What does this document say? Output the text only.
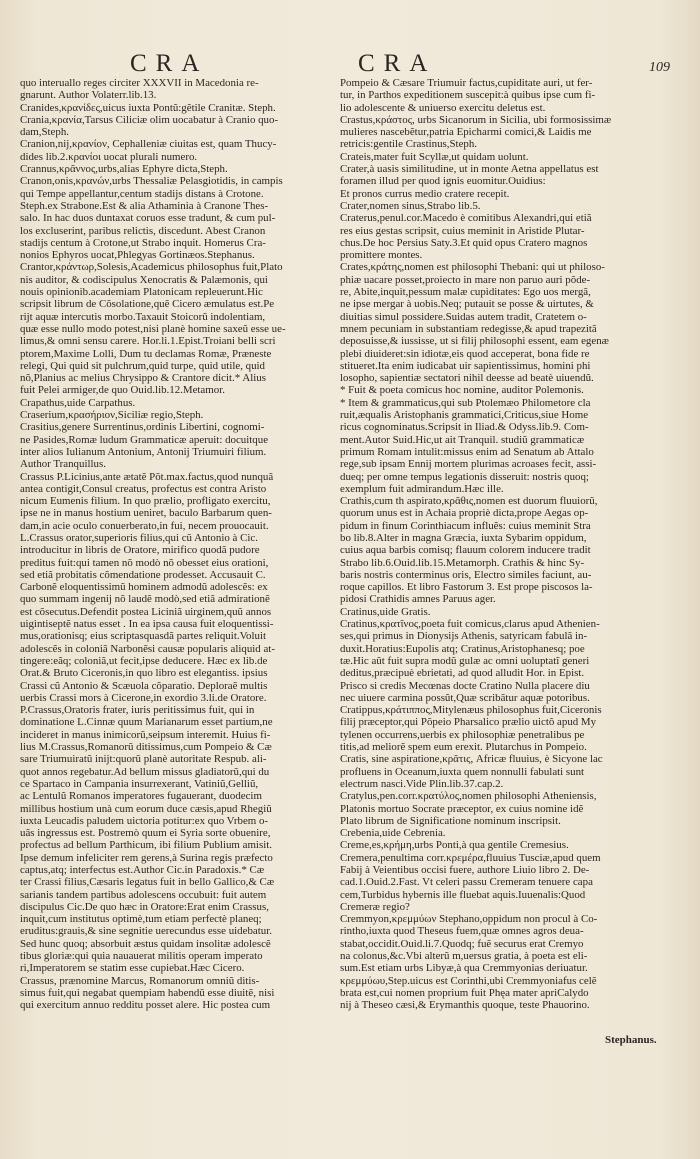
CRA	CRA	109
quo interuallo reges circiter XXXVII in Macedonia re-
gnarunt. Author Volaterr.lib.13.
Cranides,κρανίδες,uicus iuxta Pontũ:gẽtile Cranitæ. Steph.
Crania,κρανία,Tarsus Ciliciæ olim uocabatur à Cranio quo-
dam,Steph.
Cranion,nij,κρανίον, Cephalleniæ ciuitas est, quam Thucy-
dides lib.2.κρανίοι uocat plurali numero.
Crannus,κρᾶννος,urbs,alias Ephyre dicta,Steph.
Cranon,onis,κρανών,urbs Thessaliæ Pelasgiotidis, in campis
qui Tempe appellantur,centum stadijs distans à Crotone.
Steph.ex Strabone.Est & alia Athaminia à Cranone Thes-
salo. In hac duos duntaxat coruos esse tradunt, & cum pul-
los excluserint, paribus relictis, discedunt. Abest Cranon
stadijs centum à Crotone,ut Strabo inquit. Homerus Cra-
nonios Ephyros uocat,Phlegyas Gortinæos.Stephanus.
Crantor,κράντωρ,Solesis,Academicus philosophus fuit,Plato
nis auditor, & codiscipulus Xenocratis & Palæmonis, qui
nouis opinionib.academiam Platonicam repleuerunt.Hic
scripsit librum de Cõsolatione,quẽ Cicero æmulatus est.Pe
rijt aquæ intercutis morbo.Taxauit Stoicorũ indolentiam,
quæ esse nullo modo potest,nisi planè homine saxeũ esse ue-
limus,& omni sensu carere. Hor.li.1.Epist.Troiani belli scri
ptorem,Maxime Lolli, Dum tu declamas Romæ, Præneste
relegi, Qui quid sit pulchrum,quid turpe, quid utile, quid
nõ,Planius ac melius Chrysippo & Crantore dicit.* Alius
fuit Pelei armiger,de quo Ouid.lib.12.Metamor.
Crapathus,uide Carpathus.
Craserium,κρασήριον,Siciliæ regio,Steph.
Crasitius,genere Surrentinus,ordinis Libertini, cognomi-
ne Pasides,Romæ ludum Grammaticæ aperuit: docuitque
inter alios Iulianum Antonium, Antonij Triumuiri filium.
Author Tranquillus.
Crassus P.Licinius,ante ætatẽ Põt.max.factus,quod nunquã
antea contigit,Consul creatus, profectus est contra Aristo
nicum Eumenis filium. In quo prælio, profligato exercitu,
ipse ne in manus hostium ueniret, baculo Barbarum quen-
dam,in acie oculo conuerberato,in fui, necem prouocauit.
L.Crassus orator,superioris filius,qui cũ Antonio à Cic.
introducitur in libris de Oratore, mirifico quodã pudore
preditus fuit:qui tamen nõ modò nõ obesset eius orationi,
sed etiã probitatis cõmendatione prodesset. Accusauit C.
Carbonẽ eloquentissimũ hominem admodũ adolescẽs: ex
quo summam ingenij nõ laudẽ modò,sed etiã admirationẽ
est cõsecutus.Defendit postea Liciniã uirginem,quũ annos
uigintiseptẽ natus esset . In ea ipsa causa fuit eloquentissi-
mus,orationisq; eius scriptasquasdã partes reliquit.Voluit
adolescẽs in coloniã Narbonẽsi causæ popularis aliquid at-
tingere:eãq; coloniã,ut fecit,ipse deducere. Hæc ex lib.de
Orat.& Bruto Ciceronis,in quo libro est elegantiss. ipsius
Crassi cũ Antonio & Scæuola cõparatio. Deploraẽ multis
uerbis Crassi mors à Cicerone,in exordio 3.li.de Oratore.
P.Crassus,Oratoris frater, iuris peritissimus fuit, qui in
dominatione L.Cinnæ quum Marianarum esset partium,ne
incideret in manus inimicorũ,seipsum interemit. Huius fi-
lius M.Crassus,Romanorũ ditissimus,cum Pompeio & Cæ
sare Triumuiratũ inijt:quorũ planè autoritate Respub. ali-
quot annos regebatur.Ad bellum missus gladiatorũ,qui du
ce Spartaco in Campania insurrexerant, Vatiniũ,Gelliũ,
ac Lentulũ Romanos imperatores fugauerant, duodecim
millibus hostium unà cum eorum duce cæsis,apud Rhegiũ
iuxta Leucadis paludem uictoria potitur:ex quo Vrbem o-
uãs ingressus est. Postremò quum ei Syria sorte obuenire,
profectus ad bellum Parthicum, ibi filium Publium amisit.
Ipse demum infeliciter rem gerens,à Surina regis præfecto
captus,atq; interfectus est.Author Cic.in Paradoxis.* Cæ
ter Crassi filius,Cæsaris legatus fuit in bello Gallico,& Cæ
sarianis tandem partibus adolescens occubuit: fuit autem
discipulus Cic.De quo hæc in Oratore:Erat enim Crassus,
inquit,cum institutus optimè,tum etiam perfectè planeq;
eruditus:grauis,& sine segnitie uerecundus esse uidebatur.
Sed hunc quoq; absorbuit æstus quidam insolitæ adolescẽ
tibus gloriæ:qui quia nauauerat militis operam imperato
ri,Imperatorem se statim esse cupiebat.Hæc Cicero.
Crassus, prænomine Marcus, Romanorum omniũ ditis-
simus fuit,qui negabat quempiam habendũ esse diuitẽ, nisi
qui exercitum annuo redditu posset alere. Hic postea cum
Pompeio & Cæsare Triumuir factus,cupiditate auri, ut fer-
tur, in Parthos expeditionem suscepit:à quibus ipse cum fi-
lio adolescente & uniuerso exercitu deletus est.
Crastus,κράστος, urbs Sicanorum in Sicilia, ubi formosissimæ
mulieres nascebẽtur,patria Epicharmi comici,& Laidis me
retricis:gentile Crastinus,Steph.
Crateis,mater fuit Scyllæ,ut quidam uolunt.
Crater,à uasis similitudine, ut in monte Aetna appellatus est
foramen illud per quod ignis euomitur.Ouidius:
Et pronos currus medio cratere recepit.
Crater,nomen sinus,Strabo lib.5.
Craterus,penul.cor.Macedo è comitibus Alexandri,qui etiã
res eius gestas scripsit, cuius meminit in Aristide Plutar-
chus.De hoc Persius Saty.3.Et quid opus Cratero magnos
promittere montes.
Crates,κράτης,nomen est philosophi Thebani: qui ut philoso-
phiæ uacare posset,proiecto in mare non paruo auri põde-
re, Abite,inquit,pessum malæ cupiditates: Ego uos mergã,
ne ipse mergar à uobis.Neq; putauit se posse & uirtutes, &
diuitias simul possidere.Suidas autem tradit, Cratetem o-
mnem pecuniam in substantiam redegisse,& apud trapezitã
deposuisse,& iussisse, ut si filij philosophi essent, eam egenæ
plebi diuideret:sin idiotæ,eis quod acceperat, bona fide re
stitueret.Ita enim iudicabat uir sapientissimus, homini phi
losopho, sapientiæ sectatori nihil deesse ad beatè uiuendũ.
* Fuit & poeta comicus hoc nomine, auditor Polemonis.
* Item & grammaticus,qui sub Ptolemæo Philometore cla
ruit,æqualis Aristophanis grammatici,Criticus,siue Home
ricus cognominatus.Scripsit in Iliad.& Odyss.lib.9. Com-
ment.Autor Suid.Hic,ut ait Tranquil. studiũ grammaticæ
primum Romam intulit:missus enim ad Senatum ab Attalo
rege,sub ipsam Ennij mortem plurimas acroases fecit, assi-
dueq; per omne tempus legationis disseruit: nostris quoq;
exemplum fuit admirandum.Hæc ille.
Crathis,cum th aspirato,κρᾶθις,nomen est duorum fluuiorũ,
quorum unus est in Achaia propriè dicta,prope Aegas op-
pidum in finum Corinthiacum influẽs: cuius meminit Stra
bo lib.8.Alter in magna Græcia, iuxta Sybarim oppidum,
cuius aqua barbis comisq; flauum colorem inducere tradit
Strabo lib.6.Ouid.lib.15.Metamorph. Crathis & hinc Sy-
baris nostris conterminus oris, Electro similes faciunt, au-
roque capillos. Et libro Fastorum 3. Est prope piscosos la-
pidosi Crathidis amnes Paruus ager.
Cratinus,uide Gratis.
Cratinus,κρατῖνος,poeta fuit comicus,clarus apud Athenien-
ses,qui primus in Dionysijs Athenis, satyricam fabulã in-
duxit.Horatius:Eupolis atq; Cratinus,Aristophanesq; poe
tæ.Hic aũt fuit supra modũ gulæ ac omni uoluptatĩ generi
deditus,præcipuè ebrietati, ad quod alludit Hor. in Epist.
Prisco si credis Mecœnas docte Cratino Nulla placere diu
nec uiuere carmina possũt,Quæ scribãtur aquæ potoribus.
Cratippus,κράτιππος,Mitylenæus philosophus fuit,Ciceronis
filij præceptor,qui Põpeio Pharsalico prælio uictõ apud My
tylenen occurrens,uerbis ex philosophiæ penetralibus pe
titis,ad meliorẽ spem eum erexit. Plutarchus in Pompeio.
Cratis, sine aspiratione,κρᾶτις, Africæ fluuius, è Sicyone lac
profluens in Oceanum,iuxta quem nonnulli fabulati sunt
electrum nasci.Vide Plin.lib.37.cap.2.
Cratylus,pen.corr.κρατύλος,nomen philosophi Atheniensis,
Platonis mortuo Socrate præceptor, ex cuius nomine idẽ
Plato librum de Significatione nominum inscripsit.
Crebenia,uide Cebrenia.
Creme,es,κρήμη,urbs Ponti,à qua gentile Cremesius.
Cremera,penultima corr.κρεμέρα,fluuius Tusciæ,apud quem
Fabij à Veientibus occisi fuere, authore Liuio libro 2. De-
cad.1.Ouid.2.Fast. Vt celeri passu Cremeram tenuere capa
cem,Turbidus hybernis ille fluebat aquis.Iuuenalis:Quod
Cremeræ regio?
Cremmyon,κρεμμύων Stephano,oppidum non procul à Co-
rintho,iuxta quod Theseus fuem,quæ omnes agros deua-
stabat,occidit.Ouid.li.7.Quodq; fuẽ securus erat Cremyo
na colonus,&c.Vbi alterũ m,uersus gratia, à poeta est eli-
sum.Est etiam urbs Libyæ,à qua Cremmyonias deriuatur.
κρεμμύωυ,Step.uicus est Corinthi,ubi Cremmyoniafus celẽ
brata est,cui nomen proprium fuit Phęa mater apriCalydo
nij à Theseo cæsi,& Erymanthis quoque, teste Phauorino.
Stephanus.
